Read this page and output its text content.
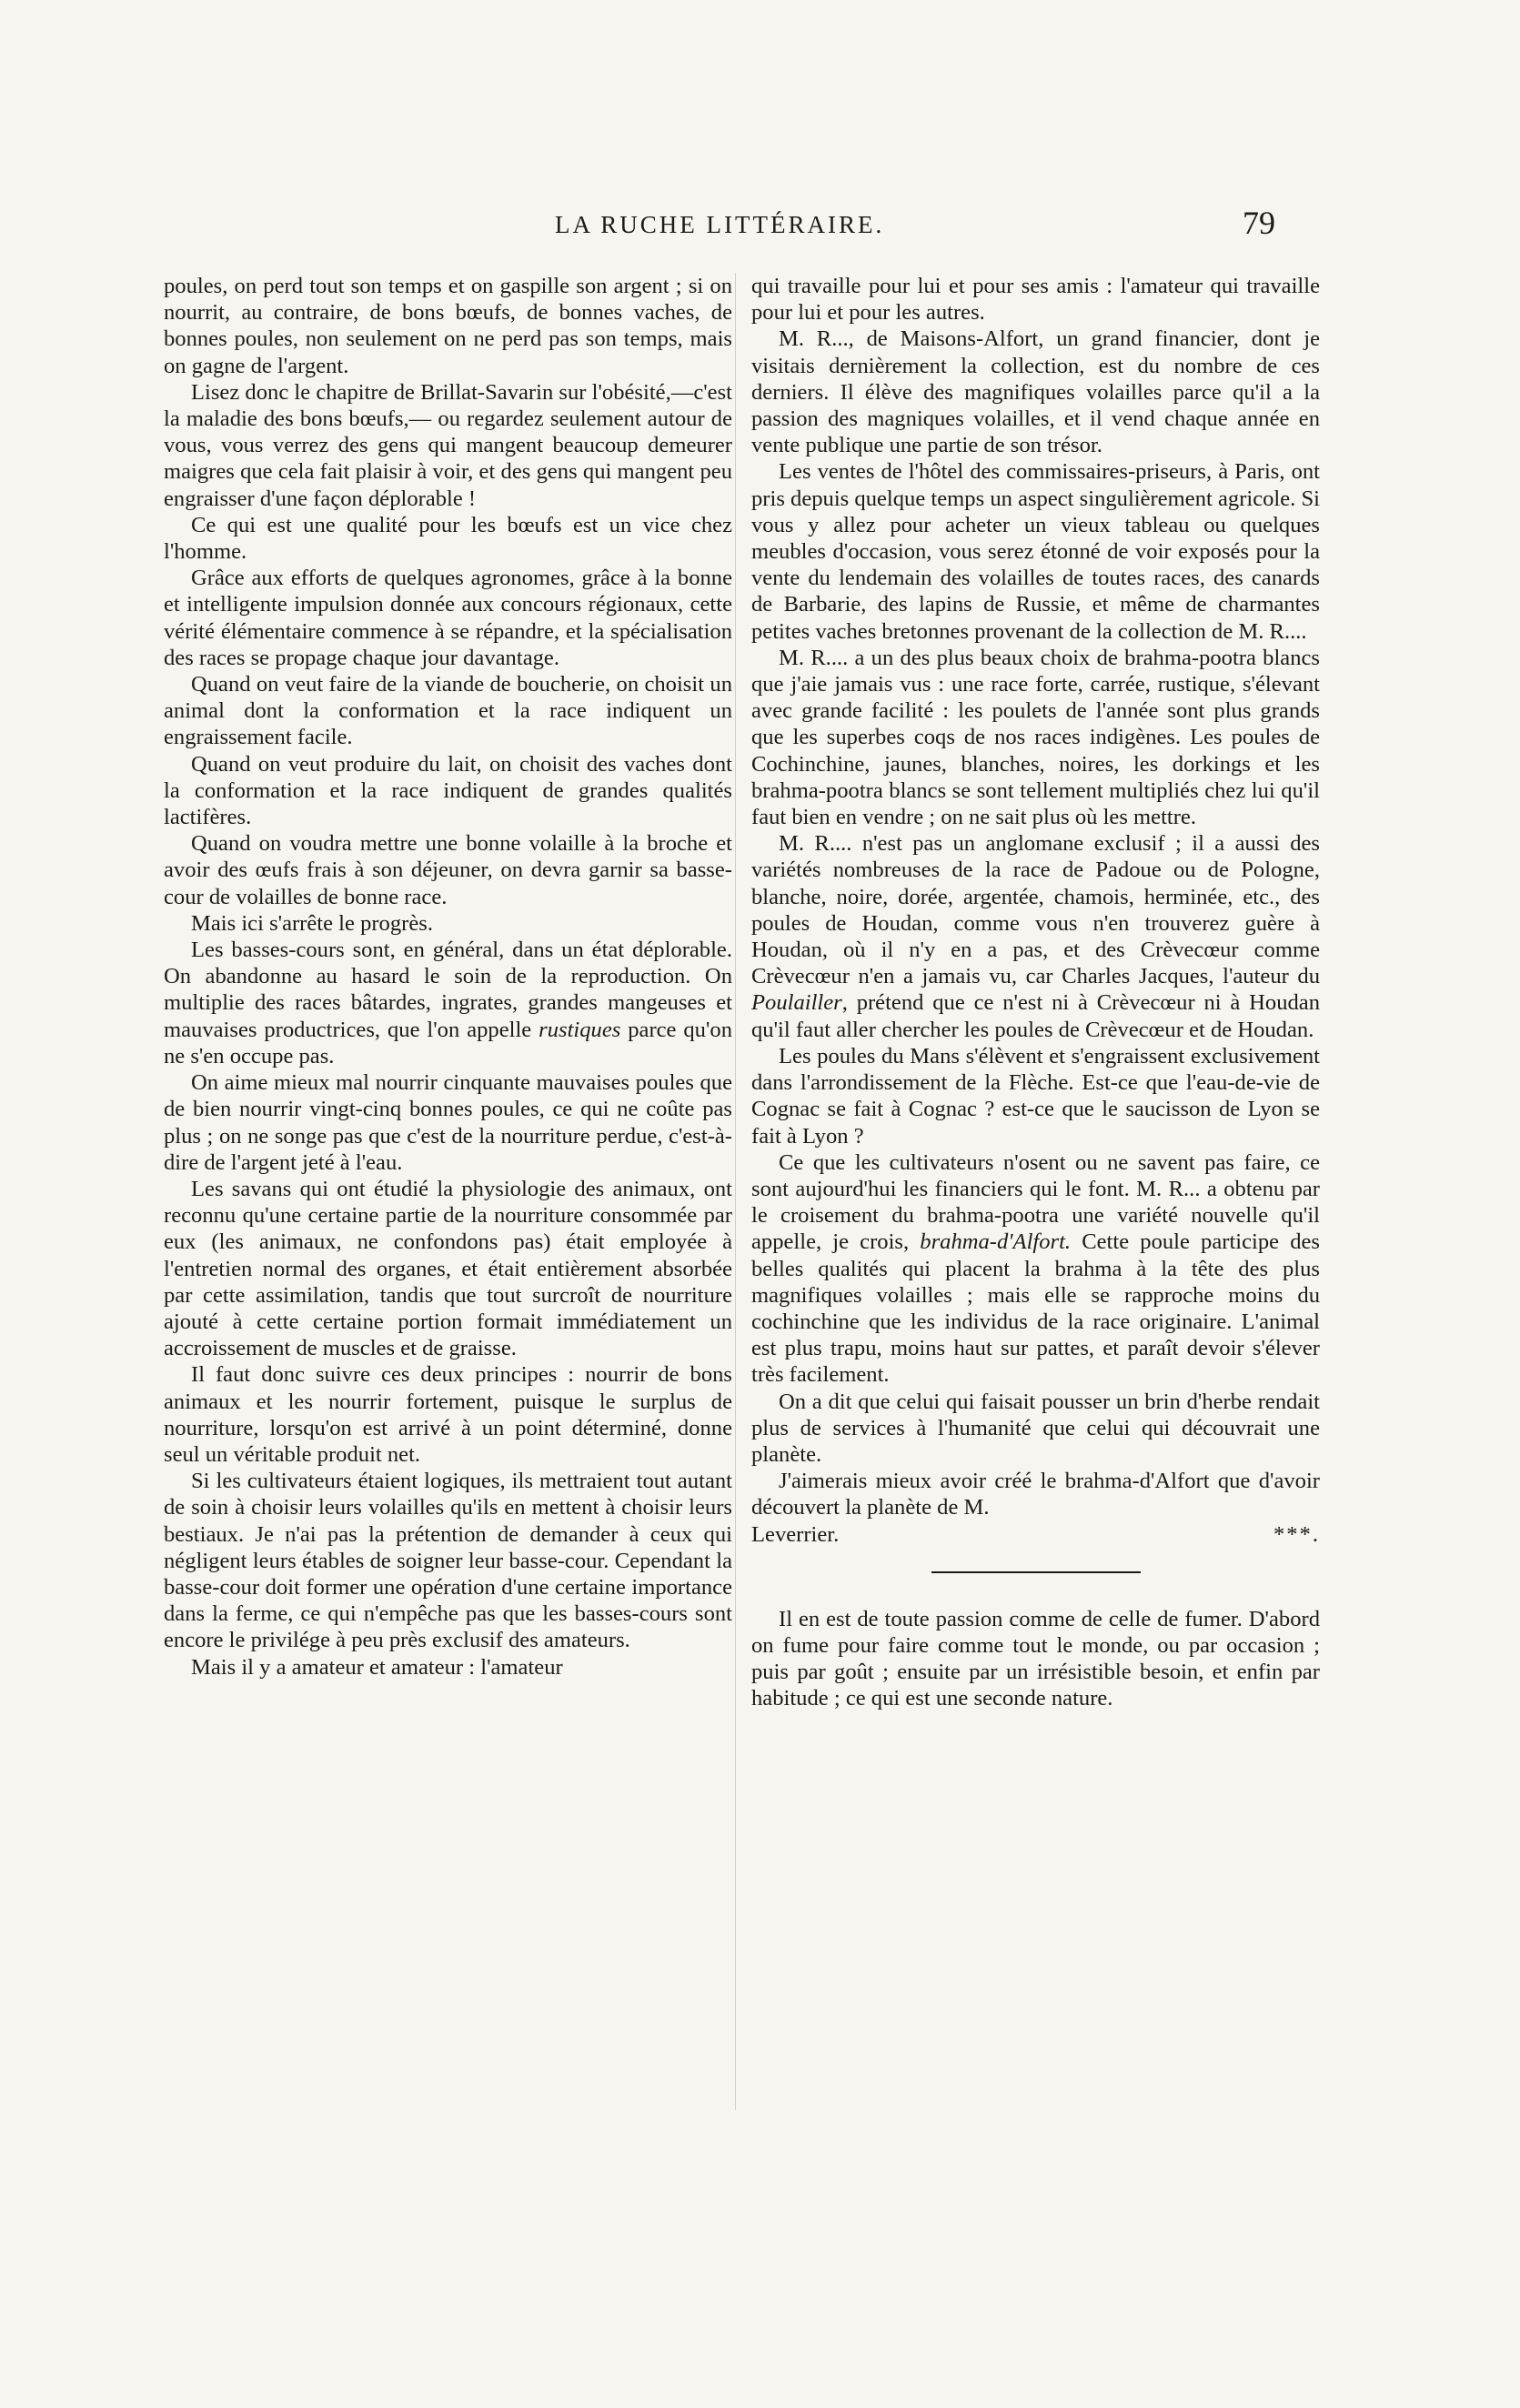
LA RUCHE LITTÉRAIRE.	79

poules, on perd tout son temps et on gaspille son argent ; si on nourrit, au contraire, de bons bœufs, de bonnes vaches, de bonnes poules, non seulement on ne perd pas son temps, mais on gagne de l'argent.

Lisez donc le chapitre de Brillat-Savarin sur l'obésité,—c'est la maladie des bons bœufs,— ou regardez seulement autour de vous, vous verrez des gens qui mangent beaucoup demeurer maigres que cela fait plaisir à voir, et des gens qui mangent peu engraisser d'une façon déplorable !

Ce qui est une qualité pour les bœufs est un vice chez l'homme.

Grâce aux efforts de quelques agronomes, grâce à la bonne et intelligente impulsion donnée aux concours régionaux, cette vérité élémentaire commence à se répandre, et la spécialisation des races se propage chaque jour davantage.

Quand on veut faire de la viande de boucherie, on choisit un animal dont la conformation et la race indiquent un engraissement facile.

Quand on veut produire du lait, on choisit des vaches dont la conformation et la race indiquent de grandes qualités lactifères.

Quand on voudra mettre une bonne volaille à la broche et avoir des œufs frais à son déjeuner, on devra garnir sa basse-cour de volailles de bonne race.

Mais ici s'arrête le progrès.

Les basses-cours sont, en général, dans un état déplorable. On abandonne au hasard le soin de la reproduction. On multiplie des races bâtardes, ingrates, grandes mangeuses et mauvaises productrices, que l'on appelle rustiques parce qu'on ne s'en occupe pas.

On aime mieux mal nourrir cinquante mauvaises poules que de bien nourrir vingt-cinq bonnes poules, ce qui ne coûte pas plus ; on ne songe pas que c'est de la nourriture perdue, c'est-à-dire de l'argent jeté à l'eau.

Les savans qui ont étudié la physiologie des animaux, ont reconnu qu'une certaine partie de la nourriture consommée par eux (les animaux, ne confondons pas) était employée à l'entretien normal des organes, et était entièrement absorbée par cette assimilation, tandis que tout surcroît de nourriture ajouté à cette certaine portion formait immédiatement un accroissement de muscles et de graisse.

Il faut donc suivre ces deux principes : nourrir de bons animaux et les nourrir fortement, puisque le surplus de nourriture, lorsqu'on est arrivé à un point déterminé, donne seul un véritable produit net.

Si les cultivateurs étaient logiques, ils mettraient tout autant de soin à choisir leurs volailles qu'ils en mettent à choisir leurs bestiaux. Je n'ai pas la prétention de demander à ceux qui négligent leurs étables de soigner leur basse-cour. Cependant la basse-cour doit former une opération d'une certaine importance dans la ferme, ce qui n'empêche pas que les basses-cours sont encore le privilége à peu près exclusif des amateurs.

Mais il y a amateur et amateur : l'amateur

qui travaille pour lui et pour ses amis : l'amateur qui travaille pour lui et pour les autres.

M. R..., de Maisons-Alfort, un grand financier, dont je visitais dernièrement la collection, est du nombre de ces derniers. Il élève des magnifiques volailles parce qu'il a la passion des magniques volailles, et il vend chaque année en vente publique une partie de son trésor.

Les ventes de l'hôtel des commissaires-priseurs, à Paris, ont pris depuis quelque temps un aspect singulièrement agricole. Si vous y allez pour acheter un vieux tableau ou quelques meubles d'occasion, vous serez étonné de voir exposés pour la vente du lendemain des volailles de toutes races, des canards de Barbarie, des lapins de Russie, et même de charmantes petites vaches bretonnes provenant de la collection de M. R....

M. R.... a un des plus beaux choix de brahma-pootra blancs que j'aie jamais vus : une race forte, carrée, rustique, s'élevant avec grande facilité : les poulets de l'année sont plus grands que les superbes coqs de nos races indigènes. Les poules de Cochinchine, jaunes, blanches, noires, les dorkings et les brahma-pootra blancs se sont tellement multipliés chez lui qu'il faut bien en vendre ; on ne sait plus où les mettre.

M. R.... n'est pas un anglomane exclusif ; il a aussi des variétés nombreuses de la race de Padoue ou de Pologne, blanche, noire, dorée, argentée, chamois, herminée, etc., des poules de Houdan, comme vous n'en trouverez guère à Houdan, où il n'y en a pas, et des Crèvecœur comme Crèvecœur n'en a jamais vu, car Charles Jacques, l'auteur du Poulailler, prétend que ce n'est ni à Crèvecœur ni à Houdan qu'il faut aller chercher les poules de Crèvecœur et de Houdan.

Les poules du Mans s'élèvent et s'engraissent exclusivement dans l'arrondissement de la Flèche. Est-ce que l'eau-de-vie de Cognac se fait à Cognac ? est-ce que le saucisson de Lyon se fait à Lyon ?

Ce que les cultivateurs n'osent ou ne savent pas faire, ce sont aujourd'hui les financiers qui le font. M. R... a obtenu par le croisement du brahma-pootra une variété nouvelle qu'il appelle, je crois, brahma-d'Alfort. Cette poule participe des belles qualités qui placent la brahma à la tête des plus magnifiques volailles ; mais elle se rapproche moins du cochinchine que les individus de la race originaire. L'animal est plus trapu, moins haut sur pattes, et paraît devoir s'élever très facilement.

On a dit que celui qui faisait pousser un brin d'herbe rendait plus de services à l'humanité que celui qui découvrait une planète.

J'aimerais mieux avoir créé le brahma-d'Alfort que d'avoir découvert la planète de M.

Leverrier.	***.

Il en est de toute passion comme de celle de fumer. D'abord on fume pour faire comme tout le monde, ou par occasion ; puis par goût ; ensuite par un irrésistible besoin, et enfin par habitude ; ce qui est une seconde nature.
